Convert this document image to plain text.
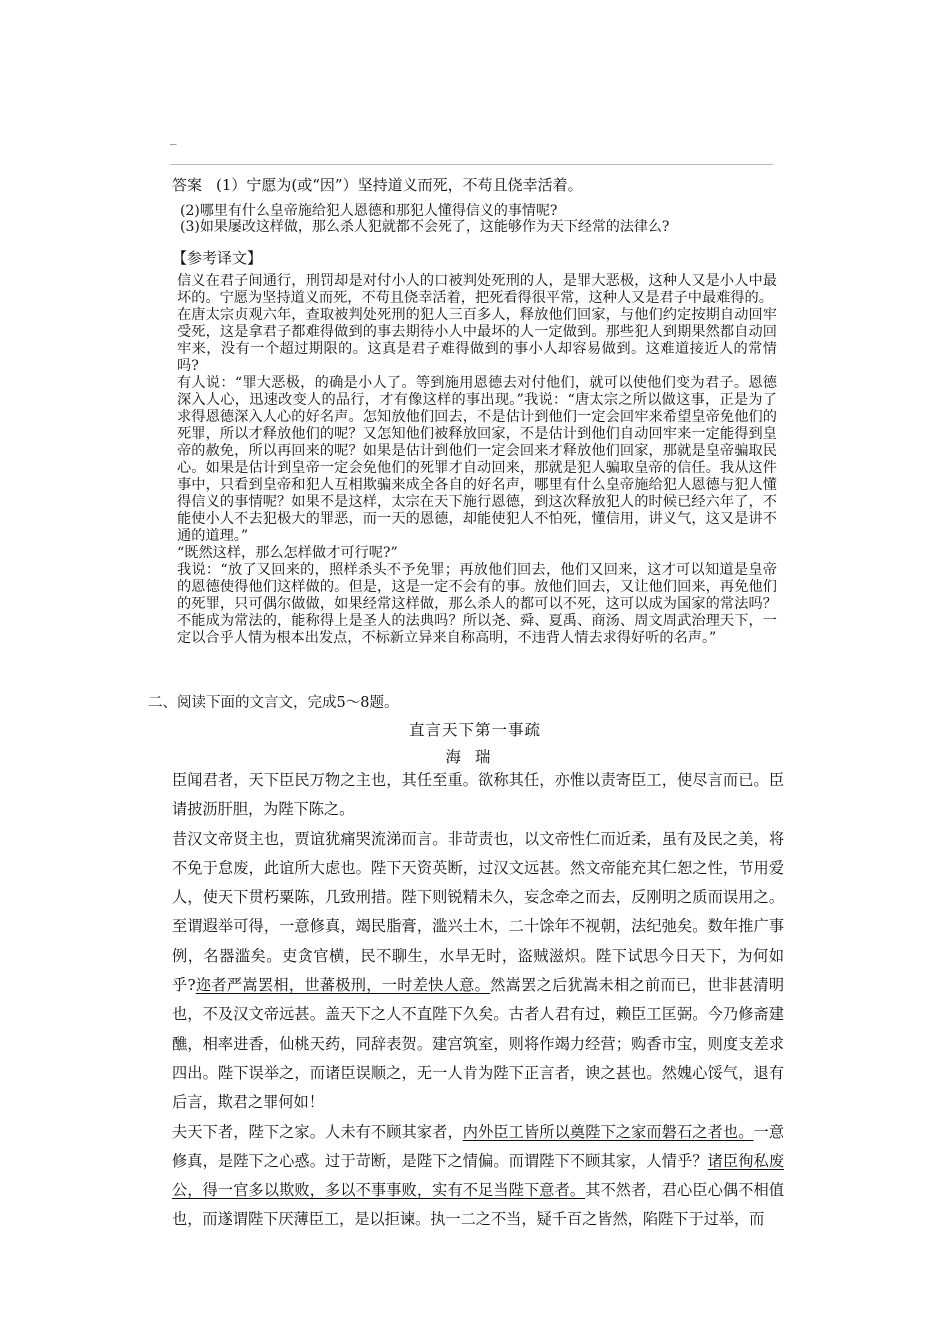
_
答案 (1）宁愿为(或“因”）坚持道义而死，不苟且侥幸活着。
(2)哪里有什么皇帝施给犯人恩德和那犯人懂得信义的事情呢?
(3)如果屡改这样做，那么杀人犯就都不会死了，这能够作为天下经常的法律么?
【参考译文】

信义在君子间通行，刑罚却是对付小人的口被判处死刑的人，是罪大恶极，这种人又是小人中最坏的。宁愿为坚持道义而死，不苟且侥幸活着，把死看得很平常，这种人又是君子中最难得的。

在唐太宗贞观六年，查取被判处死刑的犯人三百多人，释放他们回家，与他们约定按期自动回牢受死，这是拿君子都难得做到的事去期待小人中最坏的人一定做到。那些犯人到期果然都自动回牢来，没有一个超过期限的。这真是君子难得做到的事小人却容易做到。这难道接近人的常情吗?

有人说：“罪大恶极，的确是小人了。等到施用恩德去对付他们，就可以使他们变为君子。恩德深入人心，迅速改变人的品行，才有像这样的事出现。”我说：“唐太宗之所以做这事，正是为了求得恩德深入人心的好名声。怎知放他们回去，不是估计到他们一定会回牢来希望皇帝免他们的死罪，所以才释放他们的呢？又怎知他们被释放回家，不是估计到他们自动回牢来一定能得到皇帝的赦免，所以再回来的呢？如果是估计到他们一定会回来才释放他们回家，那就是皇帝骗取民心。如果是估计到皇帝一定会免他们的死罪才自动回来，那就是犯人骗取皇帝的信任。我从这件事中，只看到皇帝和犯人互相欺骗来成全各自的好名声，哪里有什么皇帝施给犯人恩德与犯人懂得信义的事情呢？如果不是这样，太宗在天下施行恩德，到这次释放犯人的时候已经六年了，不能使小人不去犯极大的罪恶，而一天的恩德，却能使犯人不怕死，懂信用，讲义气，这又是讲不通的道理。”

“既然这样，那么怎样做才可行呢?”

我说：“放了又回来的，照样杀头不予免罪；再放他们回去，他们又回来，这才可以知道是皇帝的恩德使得他们这样做的。但是，这是一定不会有的事。放他们回去，又让他们回来，再免他们的死罪，只可偶尔做做，如果经常这样做，那么杀人的都可以不死，这可以成为国家的常法吗？不能成为常法的，能称得上是圣人的法典吗？所以尧、舜、夏禹、商汤、周文周武治理天下，一定以合乎人情为根本出发点，不标新立异来自称高明，不违背人情去求得好听的名声。”

二、阅读下面的文言文，完成5～8题。
直言天下第一事疏
海瑞

臣闻君者，天下臣民万物之主也，其任至重。欲称其任，亦惟以责寄臣工，使尽言而已。臣请披沥肝胆，为陛下陈之。

昔汉文帝贤主也，贾谊犹痛哭流涕而言。非苛责也，以文帝性仁而近柔，虽有及民之美，将不免于怠废，此谊所大虑也。陛下天资英断，过汉文远甚。然文帝能充其仁恕之性，节用爱人，使天下贯朽粟陈，几致刑措。陛下则锐精未久，妄念牵之而去，反刚明之质而误用之。至谓遐举可得，一意修真，竭民脂膏，滥兴土木，二十馀年不视朝，法纪弛矣。数年推广事例，名器滥矣。吏贪官横，民不聊生，水旱无时，盗贼滋炽。陛下试思今日天下，为何如乎?迩者严嵩罢相，世蕃极刑，一时差快人意。然嵩罢之后犹嵩未相之前而已，世非甚清明也，不及汉文帝远甚。盖天下之人不直陛下久矣。古者人君有过，赖臣工匡弼。今乃修斋建醮，相率进香，仙桃天药，同辞表贺。建宫筑室，则将作竭力经营；购香市宝，则度支差求四出。陛下误举之，而诸臣误顺之，无一人肯为陛下正言者，谀之甚也。然媿心馁气，退有后言，欺君之罪何如！

夫天下者，陛下之家。人未有不顾其家者，内外臣工皆所以奠陛下之家而磐石之者也。一意修真，是陛下之心惑。过于苛断，是陛下之情偏。而谓陛下不顾其家，人情乎？诸臣徇私废公，得一官多以欺败，多以不事事败，实有不足当陛下意者。其不然者，君心臣心偶不相值也，而遂谓陛下厌薄臣工，是以拒谏。执一二之不当，疑千百之皆然，陷陛下于过举，而
